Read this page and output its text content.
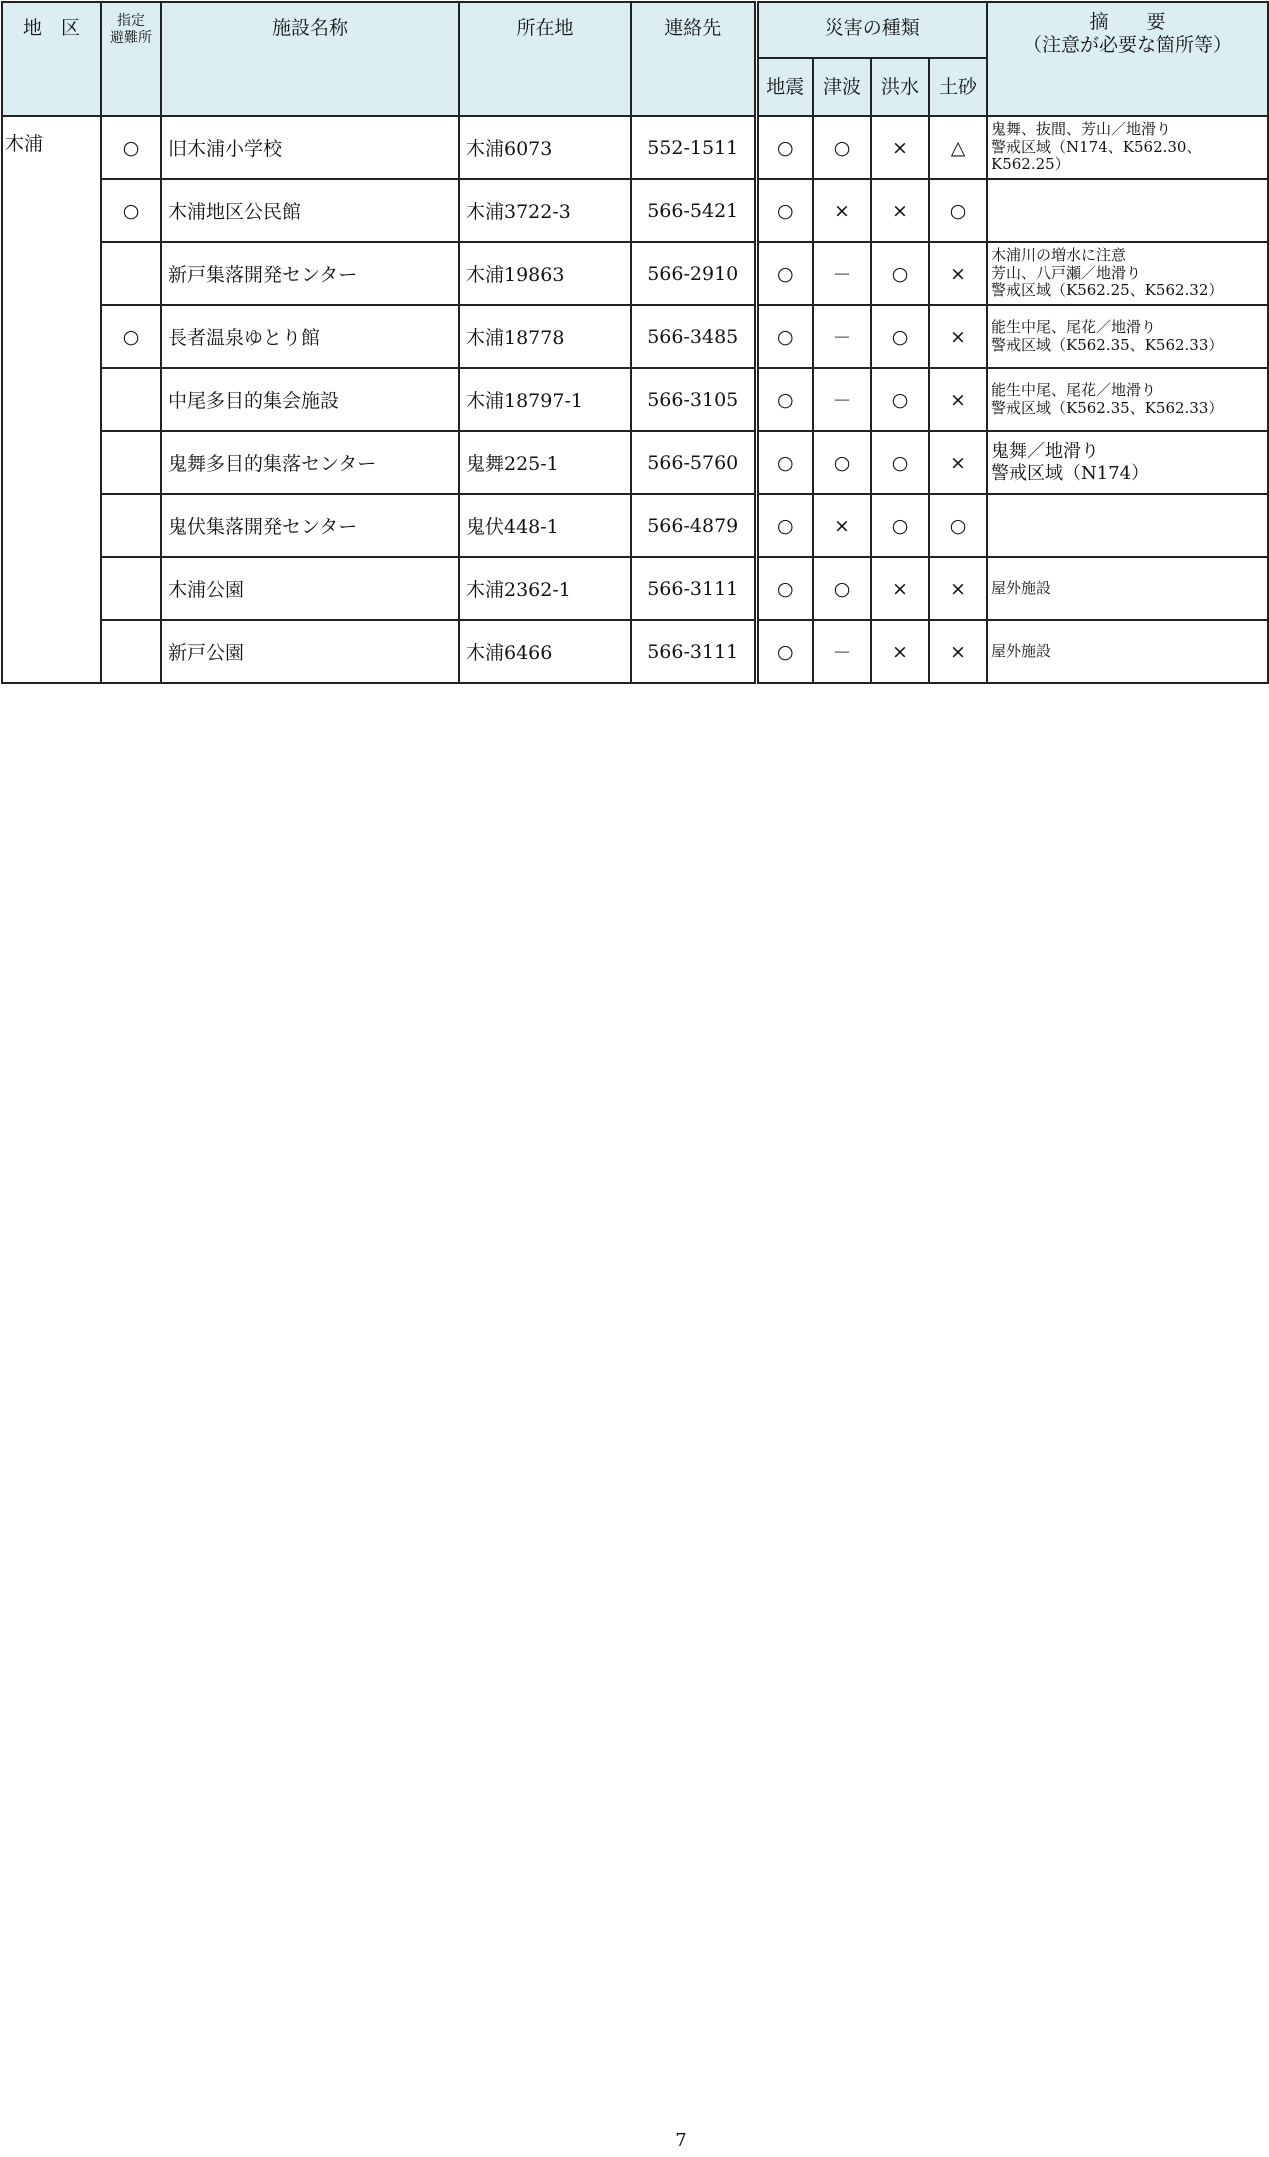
地　区	指定
避難所	施設名称	所在地	連絡先	災害の種類				摘　　要
（注意が必要な箇所等）
					地震	津波	洪水	土砂	
木浦	○	旧木浦小学校	木浦6073	552-1511	○	○	×	△	鬼舞、抜間、芳山／地滑り
警戒区域（N174、K562.30、
K562.25）

	○	木浦地区公民館	木浦3722-3	566-5421	○	×	×	○	
		新戸集落開発センター	木浦19863	566-2910	○	－	○	×	木浦川の増水に注意
芳山、八戸瀬／地滑り
警戒区域（K562.25、K562.32）

	○	長者温泉ゆとり館	木浦18778	566-3485	○	－	○	×	能生中尾、尾花／地滑り
警戒区域（K562.35、K562.33）

		中尾多目的集会施設	木浦18797-1	566-3105	○	－	○	×	能生中尾、尾花／地滑り
警戒区域（K562.35、K562.33）

		鬼舞多目的集落センター	鬼舞225-1	566-5760	○	○	○	×	鬼舞／地滑り
警戒区域（N174）

		鬼伏集落開発センター	鬼伏448-1	566-4879	○	×	○	○	
		木浦公園	木浦2362-1	566-3111	○	○	×	×	屋外施設

		新戸公園	木浦6466	566-3111	○	－	×	×	屋外施設
7
